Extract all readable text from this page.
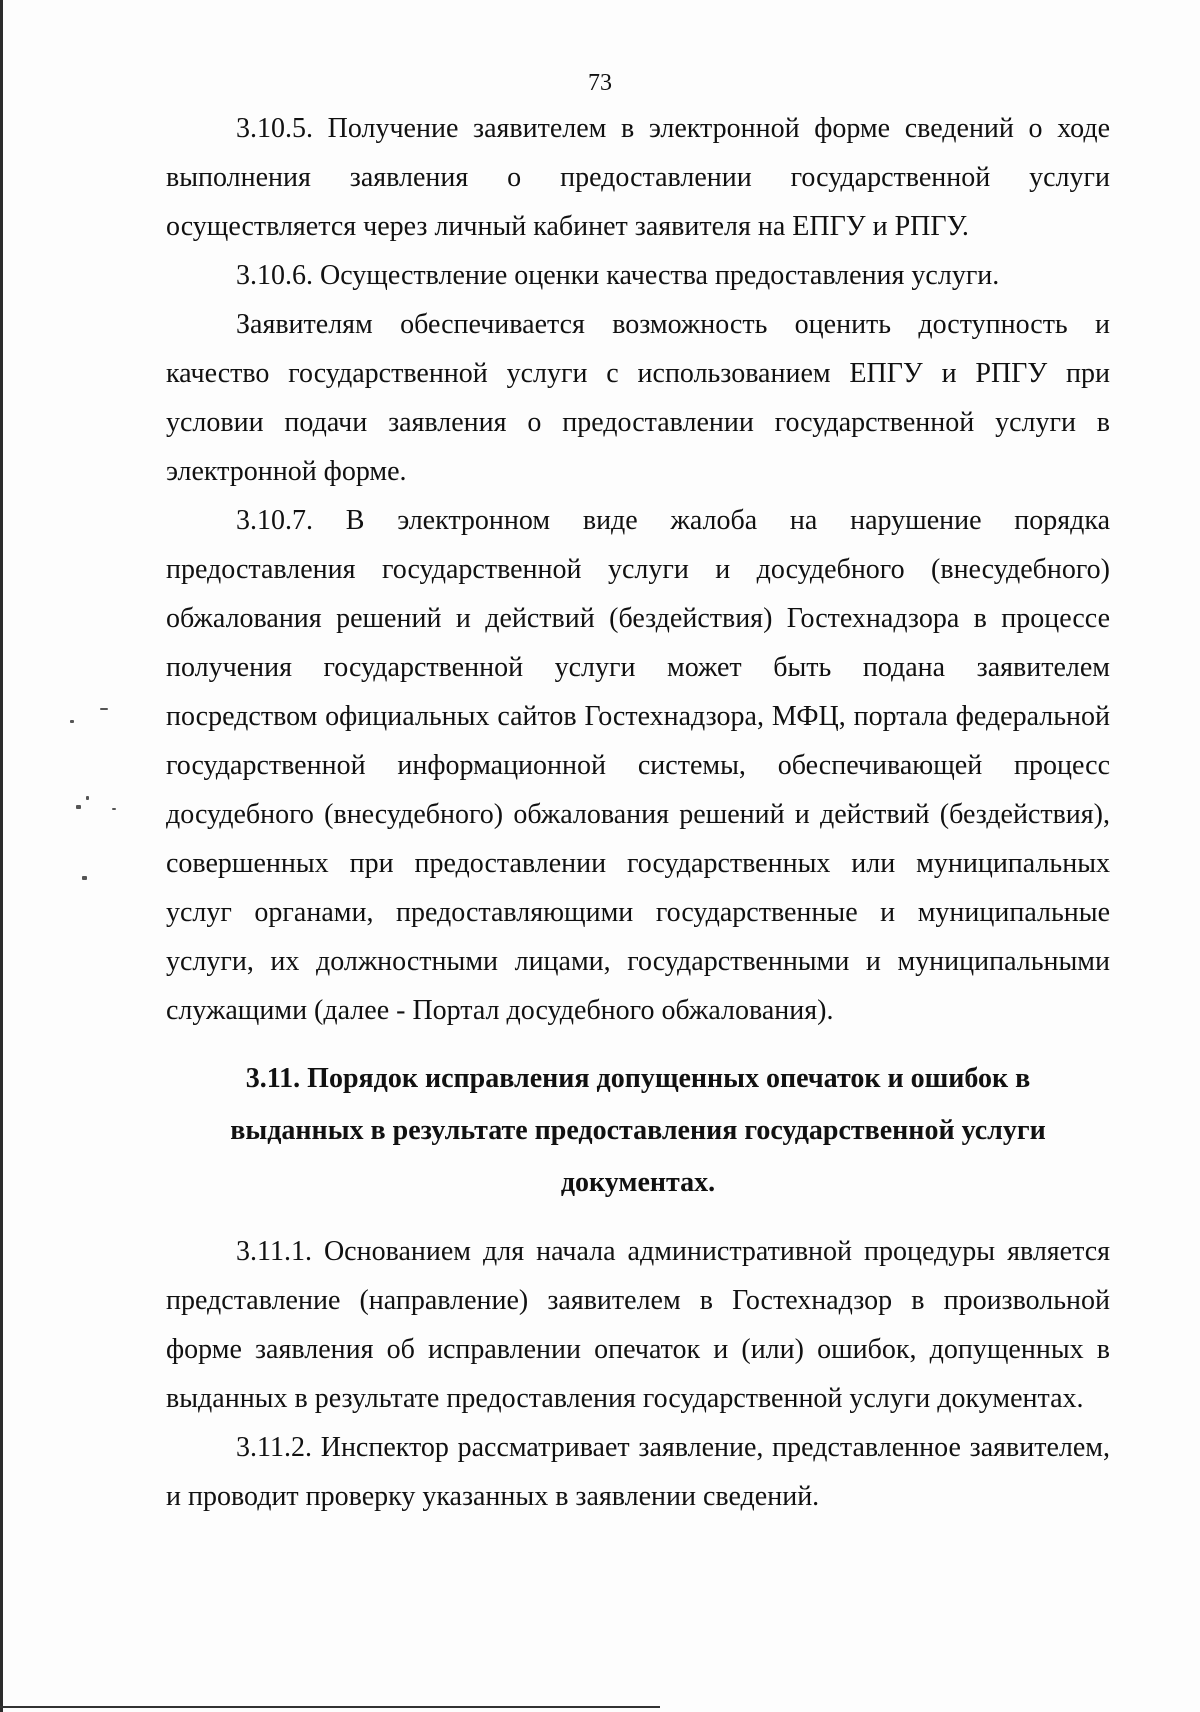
73

3.10.5. Получение заявителем в электронной форме сведений о ходе выполнения заявления о предоставлении государственной услуги осуществляется через личный кабинет заявителя на ЕПГУ и РПГУ.

3.10.6. Осуществление оценки качества предоставления услуги.

Заявителям обеспечивается возможность оценить доступность и качество государственной услуги с использованием ЕПГУ и РПГУ при условии подачи заявления о предоставлении государственной услуги в электронной форме.

3.10.7. В электронном виде жалоба на нарушение порядка предоставления государственной услуги и досудебного (внесудебного) обжалования решений и действий (бездействия) Гостехнадзора в процессе получения государственной услуги может быть подана заявителем посредством официальных сайтов Гостехнадзора, МФЦ, портала федеральной государственной информационной системы, обеспечивающей процесс досудебного (внесудебного) обжалования решений и действий (бездействия), совершенных при предоставлении государственных или муниципальных услуг органами, предоставляющими государственные и муниципальные услуги, их должностными лицами, государственными и муниципальными служащими (далее - Портал досудебного обжалования).

3.11. Порядок исправления допущенных опечаток и ошибок в выданных в результате предоставления государственной услуги документах.

3.11.1. Основанием для начала административной процедуры является представление (направление) заявителем в Гостехнадзор в произвольной форме заявления об исправлении опечаток и (или) ошибок, допущенных в выданных в результате предоставления государственной услуги документах.

3.11.2. Инспектор рассматривает заявление, представленное заявителем, и проводит проверку указанных в заявлении сведений.
